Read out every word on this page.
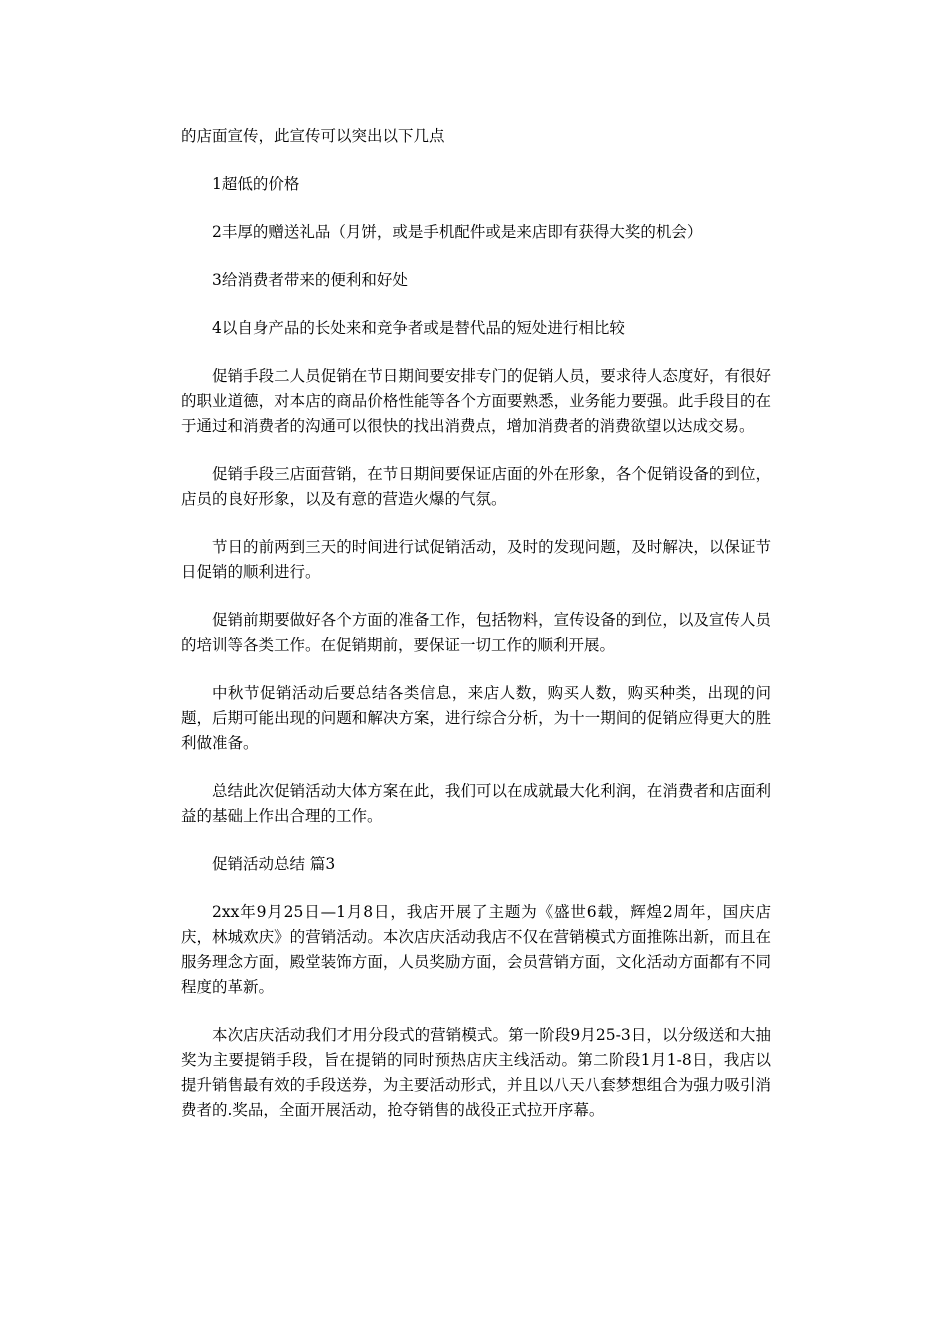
的店面宣传，此宣传可以突出以下几点

1超低的价格

2丰厚的赠送礼品（月饼，或是手机配件或是来店即有获得大奖的机会）

3给消费者带来的便利和好处

4以自身产品的长处来和竞争者或是替代品的短处进行相比较

促销手段二人员促销在节日期间要安排专门的促销人员，要求待人态度好，有很好的职业道德，对本店的商品价格性能等各个方面要熟悉，业务能力要强。此手段目的在于通过和消费者的沟通可以很快的找出消费点，增加消费者的消费欲望以达成交易。

促销手段三店面营销，在节日期间要保证店面的外在形象，各个促销设备的到位，店员的良好形象，以及有意的营造火爆的气氛。

节日的前两到三天的时间进行试促销活动，及时的发现问题，及时解决，以保证节日促销的顺利进行。

促销前期要做好各个方面的准备工作，包括物料，宣传设备的到位，以及宣传人员的培训等各类工作。在促销期前，要保证一切工作的顺利开展。

中秋节促销活动后要总结各类信息，来店人数，购买人数，购买种类，出现的问题，后期可能出现的问题和解决方案，进行综合分析，为十一期间的促销应得更大的胜利做准备。

总结此次促销活动大体方案在此，我们可以在成就最大化利润，在消费者和店面利益的基础上作出合理的工作。

促销活动总结 篇3

2xx年9月25日—1月8日，我店开展了主题为《盛世6载，辉煌2周年，国庆店庆，林城欢庆》的营销活动。本次店庆活动我店不仅在营销模式方面推陈出新，而且在服务理念方面，殿堂装饰方面，人员奖励方面，会员营销方面，文化活动方面都有不同程度的革新。

本次店庆活动我们才用分段式的营销模式。第一阶段9月25-3日，以分级送和大抽奖为主要提销手段，旨在提销的同时预热店庆主线活动。第二阶段1月1-8日，我店以提升销售最有效的手段送券，为主要活动形式，并且以八天八套梦想组合为强力吸引消费者的.奖品，全面开展活动，抢夺销售的战役正式拉开序幕。
